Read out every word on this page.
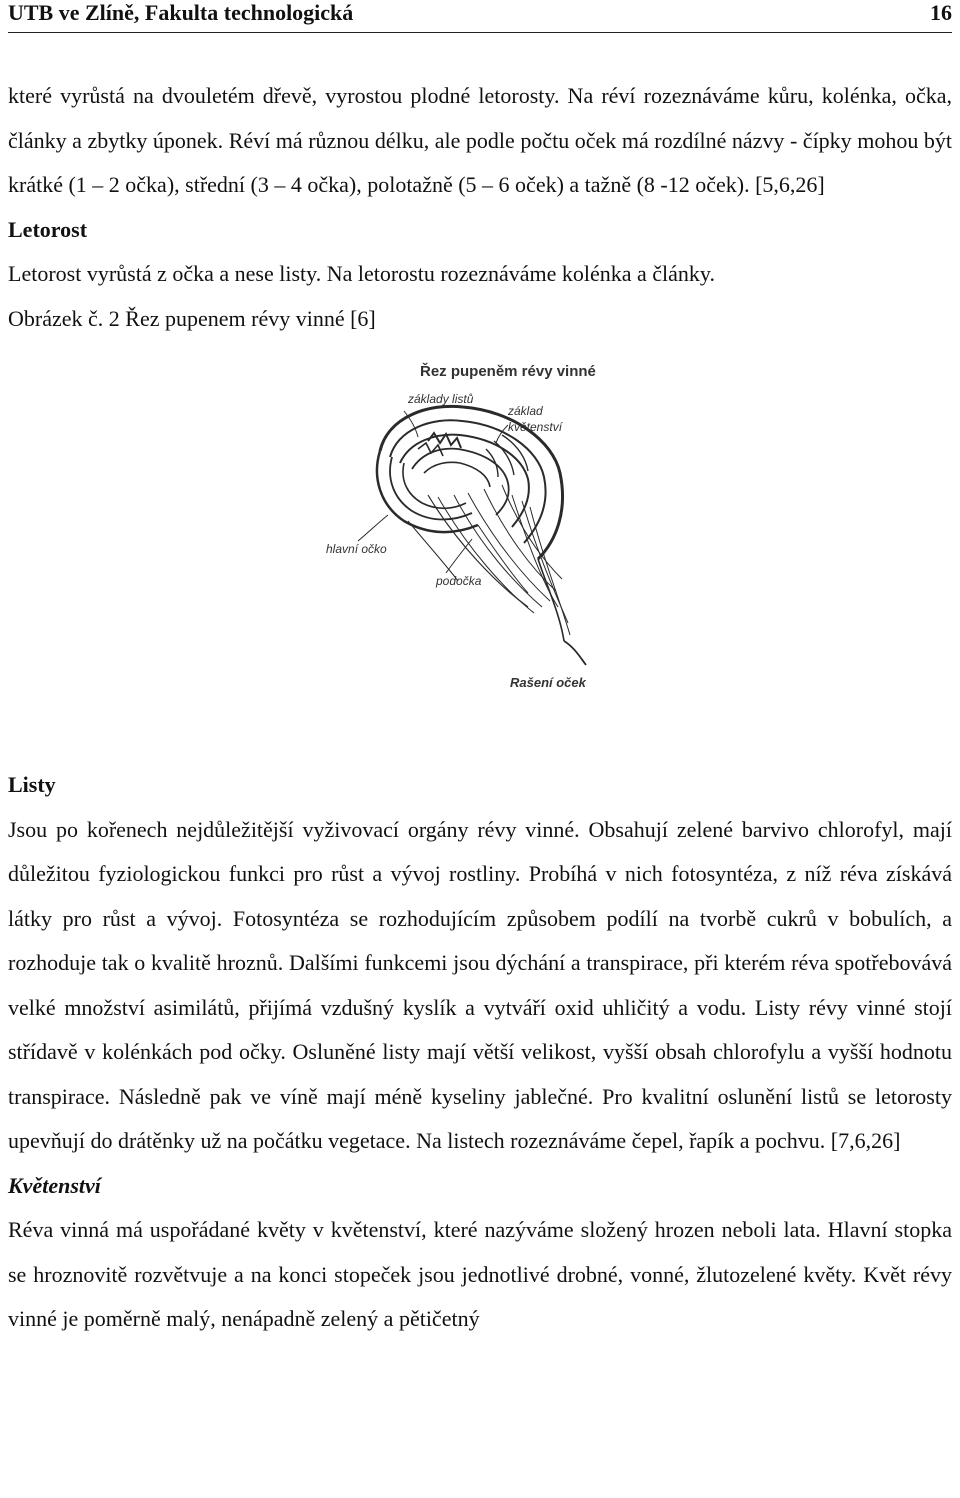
UTB ve Zlíně, Fakulta technologická	16

které vyrůstá na dvouletém dřevě, vyrostou plodné letorosty. Na réví rozeznáváme kůru, kolénka, očka, články a zbytky úponek. Réví má různou délku, ale podle počtu oček má rozdílné názvy - čípky mohou být krátké (1 – 2 očka), střední (3 – 4 očka), polotažně (5 – 6 oček) a tažně (8 -12 oček). [5,6,26]

Letorost

Letorost vyrůstá z očka a nese listy. Na letorostu rozeznáváme kolénka a články.

Obrázek č. 2 Řez pupenem révy vinné [6]

Řez pupeněm révy vinné
základy listů
základ
květenství
hlavní očko
podočka
Rašení oček
Listy

Jsou po kořenech nejdůležitější vyživovací orgány révy vinné. Obsahují zelené barvivo chlorofyl, mají důležitou fyziologickou funkci pro růst a vývoj rostliny. Probíhá v nich fotosyntéza, z níž réva získává látky pro růst a vývoj. Fotosyntéza se rozhodujícím způsobem podílí na tvorbě cukrů v bobulích, a rozhoduje tak o kvalitě hroznů. Dalšími funkcemi jsou dýchání a transpirace, při kterém réva spotřebovává velké množství asimilátů, přijímá vzdušný kyslík a vytváří oxid uhličitý a vodu. Listy révy vinné stojí střídavě v kolénkách pod očky. Osluněné listy mají větší velikost, vyšší obsah chlorofylu a vyšší hodnotu transpirace. Následně pak ve víně mají méně kyseliny jablečné. Pro kvalitní oslunění listů se letorosty upevňují do drátěnky už na počátku vegetace. Na listech rozeznáváme čepel, řapík a pochvu. [7,6,26]

Květenství

Réva vinná má uspořádané květy v květenství, které nazýváme složený hrozen neboli lata. Hlavní stopka se hroznovitě rozvětvuje a na konci stopeček jsou jednotlivé drobné, vonné, žlutozelené květy. Květ révy vinné je poměrně malý, nenápadně zelený a pětičetný
